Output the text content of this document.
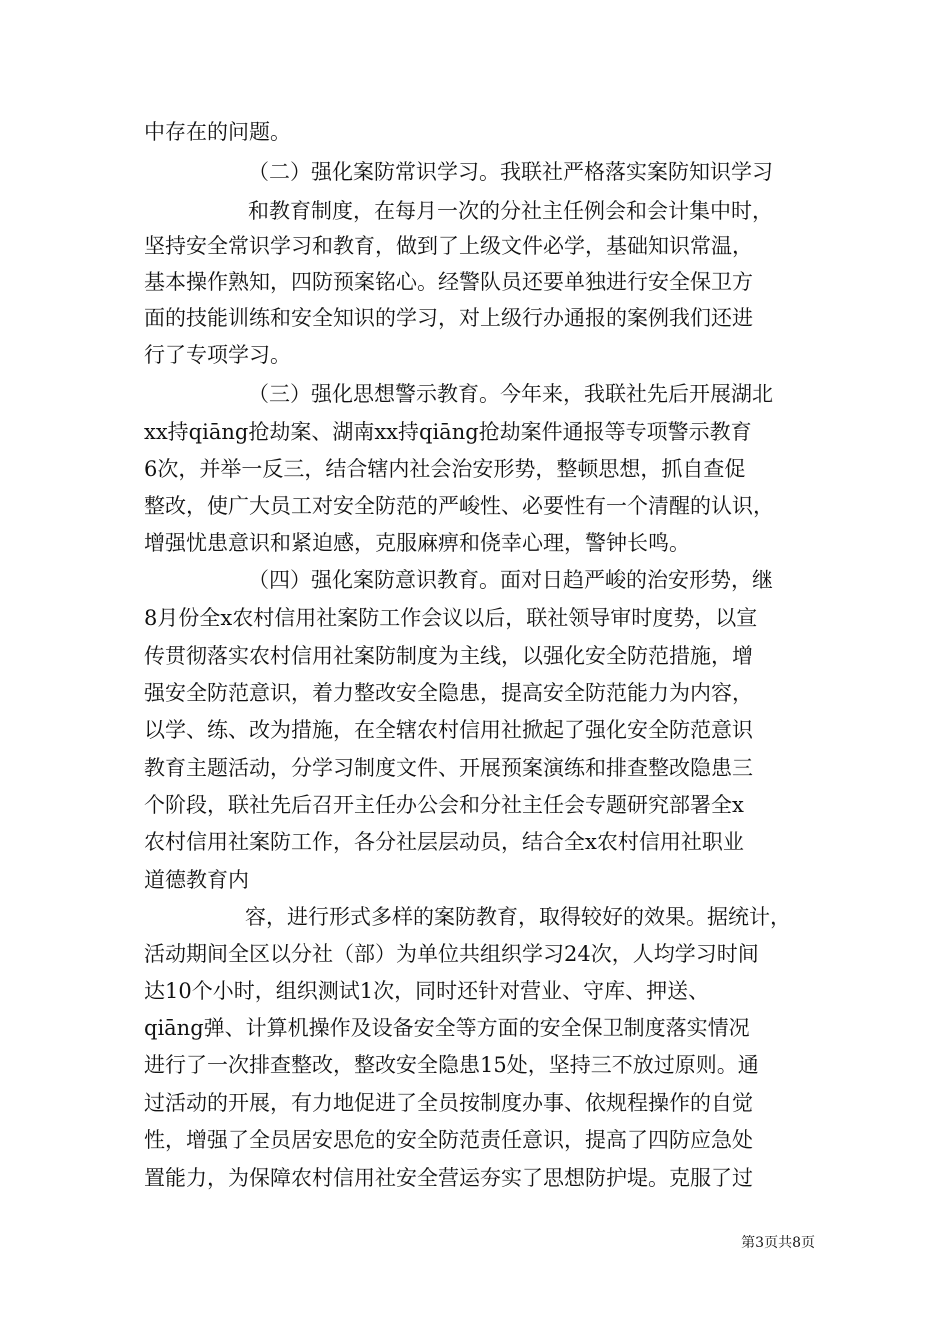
中存在的问题。
（二）强化案防常识学习。我联社严格落实案防知识学习
和教育制度，在每月一次的分社主任例会和会计集中时，
坚持安全常识学习和教育，做到了上级文件必学，基础知识常温，
基本操作熟知，四防预案铭心。经警队员还要单独进行安全保卫方
面的技能训练和安全知识的学习，对上级行办通报的案例我们还进
行了专项学习。
（三）强化思想警示教育。今年来，我联社先后开展湖北
xx持qiāng抢劫案、湖南xx持qiāng抢劫案件通报等专项警示教育
6次，并举一反三，结合辖内社会治安形势，整顿思想，抓自查促
整改，使广大员工对安全防范的严峻性、必要性有一个清醒的认识，
增强忧患意识和紧迫感，克服麻痹和侥幸心理，警钟长鸣。
（四）强化案防意识教育。面对日趋严峻的治安形势，继
8月份全x农村信用社案防工作会议以后，联社领导审时度势，以宣
传贯彻落实农村信用社案防制度为主线，以强化安全防范措施，增
强安全防范意识，着力整改安全隐患，提高安全防范能力为内容，
以学、练、改为措施，在全辖农村信用社掀起了强化安全防范意识
教育主题活动，分学习制度文件、开展预案演练和排查整改隐患三
个阶段，联社先后召开主任办公会和分社主任会专题研究部署全x
农村信用社案防工作，各分社层层动员，结合全x农村信用社职业
道德教育内
容，进行形式多样的案防教育，取得较好的效果。据统计，
活动期间全区以分社（部）为单位共组织学习24次，人均学习时间
达10个小时，组织测试1次，同时还针对营业、守库、押送、
qiāng弹、计算机操作及设备安全等方面的安全保卫制度落实情况
进行了一次排查整改，整改安全隐患15处，坚持三不放过原则。通
过活动的开展，有力地促进了全员按制度办事、依规程操作的自觉
性，增强了全员居安思危的安全防范责任意识，提高了四防应急处
置能力，为保障农村信用社安全营运夯实了思想防护堤。克服了过
第3页共8页
